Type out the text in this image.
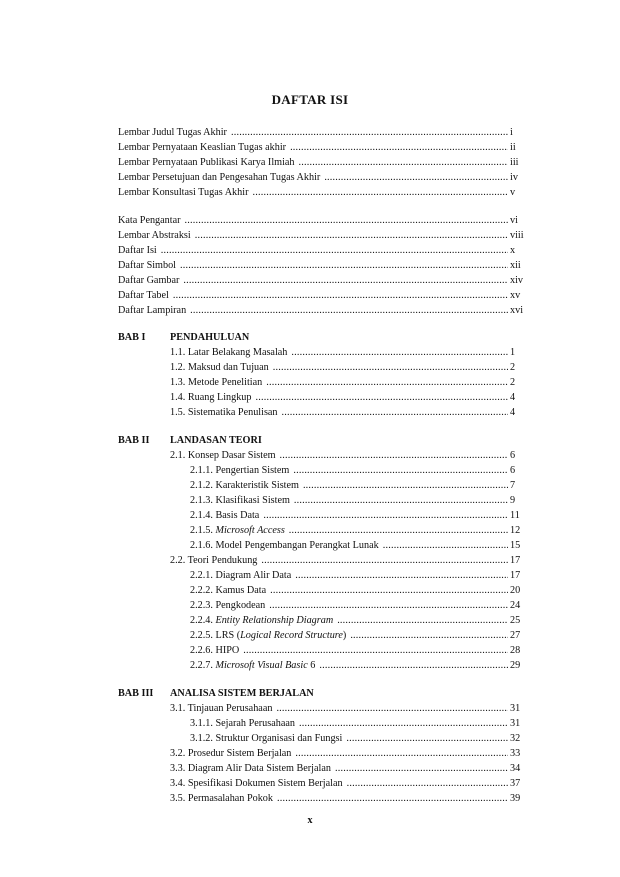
DAFTAR ISI
Lembar Judul Tugas Akhir .....	i
Lembar Pernyataan Keaslian Tugas akhir .....	ii
Lembar Pernyataan Publikasi Karya Ilmiah .....	iii
Lembar Persetujuan dan Pengesahan Tugas Akhir .....	iv
Lembar Konsultasi Tugas Akhir .....	v
Kata Pengantar .....	vi
Lembar Abstraksi .....	viii
Daftar Isi .....	x
Daftar Simbol .....	xii
Daftar Gambar .....	xiv
Daftar Tabel .....	xv
Daftar Lampiran .....	xvi
BAB I PENDAHULUAN
1.1. Latar Belakang Masalah .....	1
1.2. Maksud dan Tujuan .....	2
1.3. Metode Penelitian .....	2
1.4. Ruang Lingkup .....	4
1.5. Sistematika Penulisan .....	4
BAB II LANDASAN TEORI
2.1. Konsep Dasar Sistem .....	6
2.1.1. Pengertian Sistem .....	6
2.1.2. Karakteristik Sistem .....	7
2.1.3. Klasifikasi Sistem .....	9
2.1.4. Basis Data .....	11
2.1.5. Microsoft Access .....	12
2.1.6. Model Pengembangan Perangkat Lunak .....	15
2.2. Teori Pendukung .....	17
2.2.1. Diagram Alir Data .....	17
2.2.2. Kamus Data .....	20
2.2.3. Pengkodean .....	24
2.2.4. Entity Relationship Diagram .....	25
2.2.5. LRS (Logical Record Structure) .....	27
2.2.6. HIPO .....	28
2.2.7. Microsoft Visual Basic 6 .....	29
BAB III ANALISA SISTEM BERJALAN
3.1. Tinjauan Perusahaan .....	31
3.1.1. Sejarah Perusahaan .....	31
3.1.2. Struktur Organisasi dan Fungsi .....	32
3.2. Prosedur Sistem Berjalan .....	33
3.3. Diagram Alir Data Sistem Berjalan .....	34
3.4. Spesifikasi Dokumen Sistem Berjalan .....	37
3.5. Permasalahan Pokok .....	39
x
